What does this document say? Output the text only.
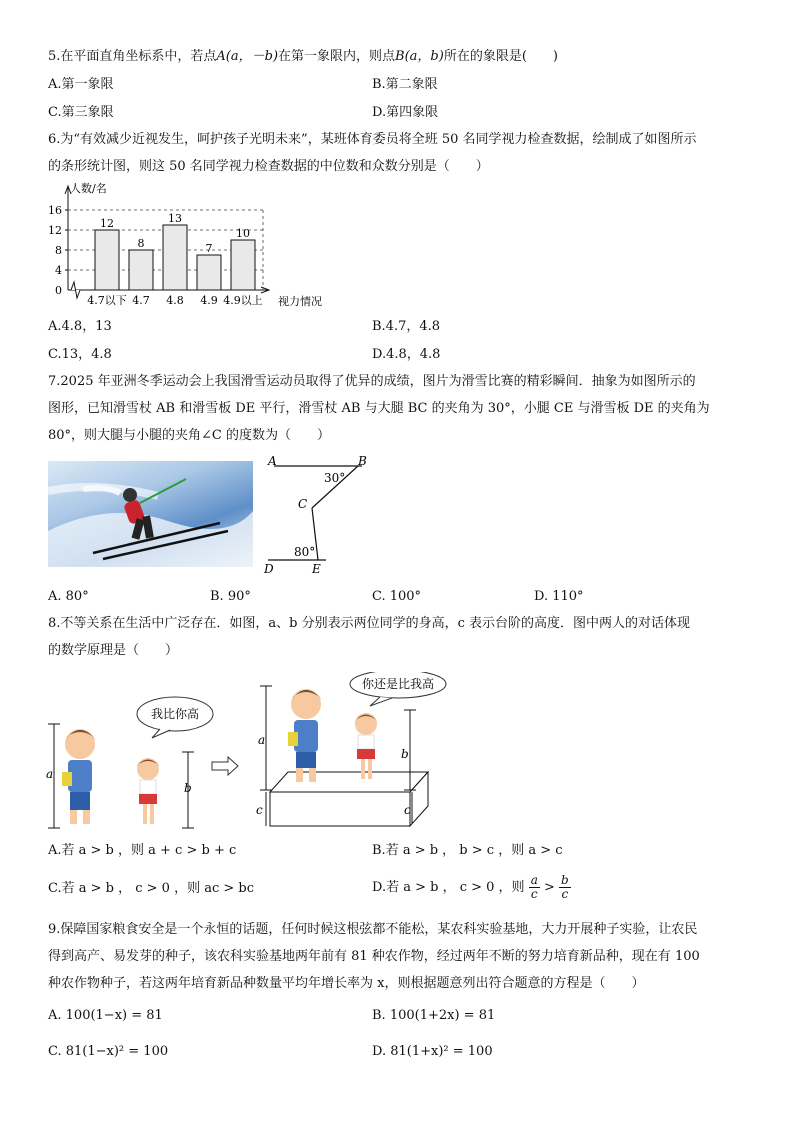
5.在平面直角坐标系中，若点A(a，－b)在第一象限内，则点B(a，b)所在的象限是(　　)
A.第一象限	B.第二象限
C.第三象限	D.第四象限
6.为“有效减少近视发生，呵护孩子光明未来”，某班体育委员将全班 50 名同学视力检查数据，绘制成了如图所示
的条形统计图，则这 50 名同学视力检查数据的中位数和众数分别是（　　）
0
4
8
12
16
人数/名
视力情况
12
4.7以下
8
4.7
13
4.8
7
4.9
10
4.9以上
A.4.8，13	B.4.7，4.8
C.13，4.8	D.4.8，4.8
7.2025 年亚洲冬季运动会上我国滑雪运动员取得了优异的成绩，图片为滑雪比赛的精彩瞬间．抽象为如图所示的
图形，已知滑雪杖 AB 和滑雪板 DE 平行，滑雪杖 AB 与大腿 BC 的夹角为 30°，小腿 CE 与滑雪板 DE 的夹角为
80°，则大腿与小腿的夹角∠C 的度数为（　　）
A	B
C
D	E
30°
80°
A. 80°	B. 90°	C. 100°	D. 110°
8.不等关系在生活中广泛存在．如图，a、b 分别表示两位同学的身高，c 表示台阶的高度．图中两人的对话体现
的数学原理是（　　）
我比你高
a
b
你还是比我高
a
b
c	c
A.若 a > b ，则 a + c > b + c	B.若 a > b ， b > c ，则 a > c
C.若 a > b ， c > 0 ，则 ac > bc	D.若 a > b ， c > 0 ，则 $\frac{a}{c} > \frac{b}{c}$
9.保障国家粮食安全是一个永恒的话题，任何时候这根弦都不能松，某农科实验基地，大力开展种子实验，让农民
得到高产、易发芽的种子，该农科实验基地两年前有 81 种农作物，经过两年不断的努力培育新品种，现在有 100
种农作物种子，若这两年培育新品种数量平均年增长率为 x，则根据题意列出符合题意的方程是（　　）
A. 100(1−x) = 81	B. 100(1+2x) = 81
C. 81(1−x)² = 100	D. 81(1+x)² = 100
